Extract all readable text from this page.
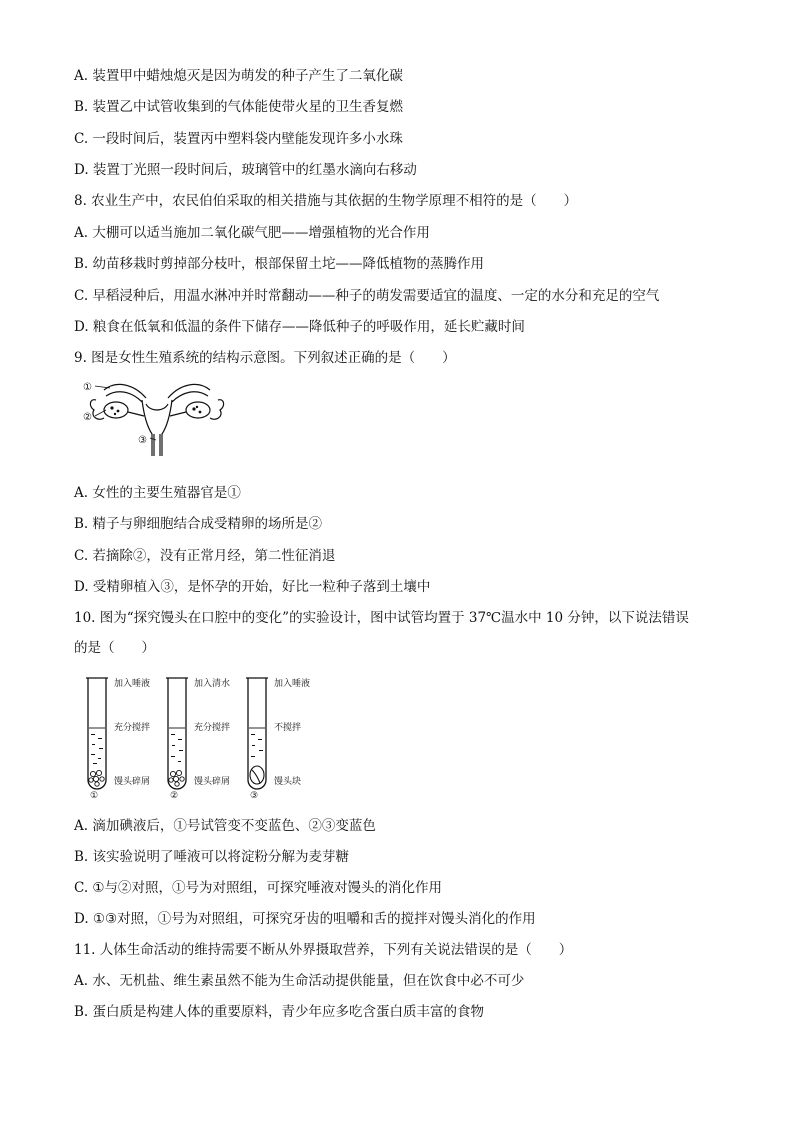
A. 装置甲中蜡烛熄灭是因为萌发的种子产生了二氧化碳
B. 装置乙中试管收集到的气体能使带火星的卫生香复燃
C. 一段时间后，装置丙中塑料袋内壁能发现许多小水珠
D. 装置丁光照一段时间后，玻璃管中的红墨水滴向右移动
8. 农业生产中，农民伯伯采取的相关措施与其依据的生物学原理不相符的是（　　）
A. 大棚可以适当施加二氧化碳气肥——增强植物的光合作用
B. 幼苗移栽时剪掉部分枝叶，根部保留土坨——降低植物的蒸腾作用
C. 早稻浸种后，用温水淋冲并时常翻动——种子的萌发需要适宜的温度、一定的水分和充足的空气
D. 粮食在低氧和低温的条件下储存——降低种子的呼吸作用，延长贮藏时间
9. 图是女性生殖系统的结构示意图。下列叙述正确的是（　　）
①
②
③
A. 女性的主要生殖器官是①
B. 精子与卵细胞结合成受精卵的场所是②
C. 若摘除②，没有正常月经，第二性征消退
D. 受精卵植入③，是怀孕的开始，好比一粒种子落到土壤中
10. 图为“探究馒头在口腔中的变化”的实验设计，图中试管均置于 37℃温水中 10 分钟，以下说法错误
的是（　　）
加入唾液
充分搅拌
馒头碎屑
①
加入清水
充分搅拌
馒头碎屑
②
加入唾液
不搅拌
馒头块
③
A. 滴加碘液后，①号试管变不变蓝色、②③变蓝色
B. 该实验说明了唾液可以将淀粉分解为麦芽糖
C. ①与②对照，①号为对照组，可探究唾液对馒头的消化作用
D. ①③对照，①号为对照组，可探究牙齿的咀嚼和舌的搅拌对馒头消化的作用
11. 人体生命活动的维持需要不断从外界摄取营养，下列有关说法错误的是（　　）
A. 水、无机盐、维生素虽然不能为生命活动提供能量，但在饮食中必不可少
B. 蛋白质是构建人体的重要原料，青少年应多吃含蛋白质丰富的食物
